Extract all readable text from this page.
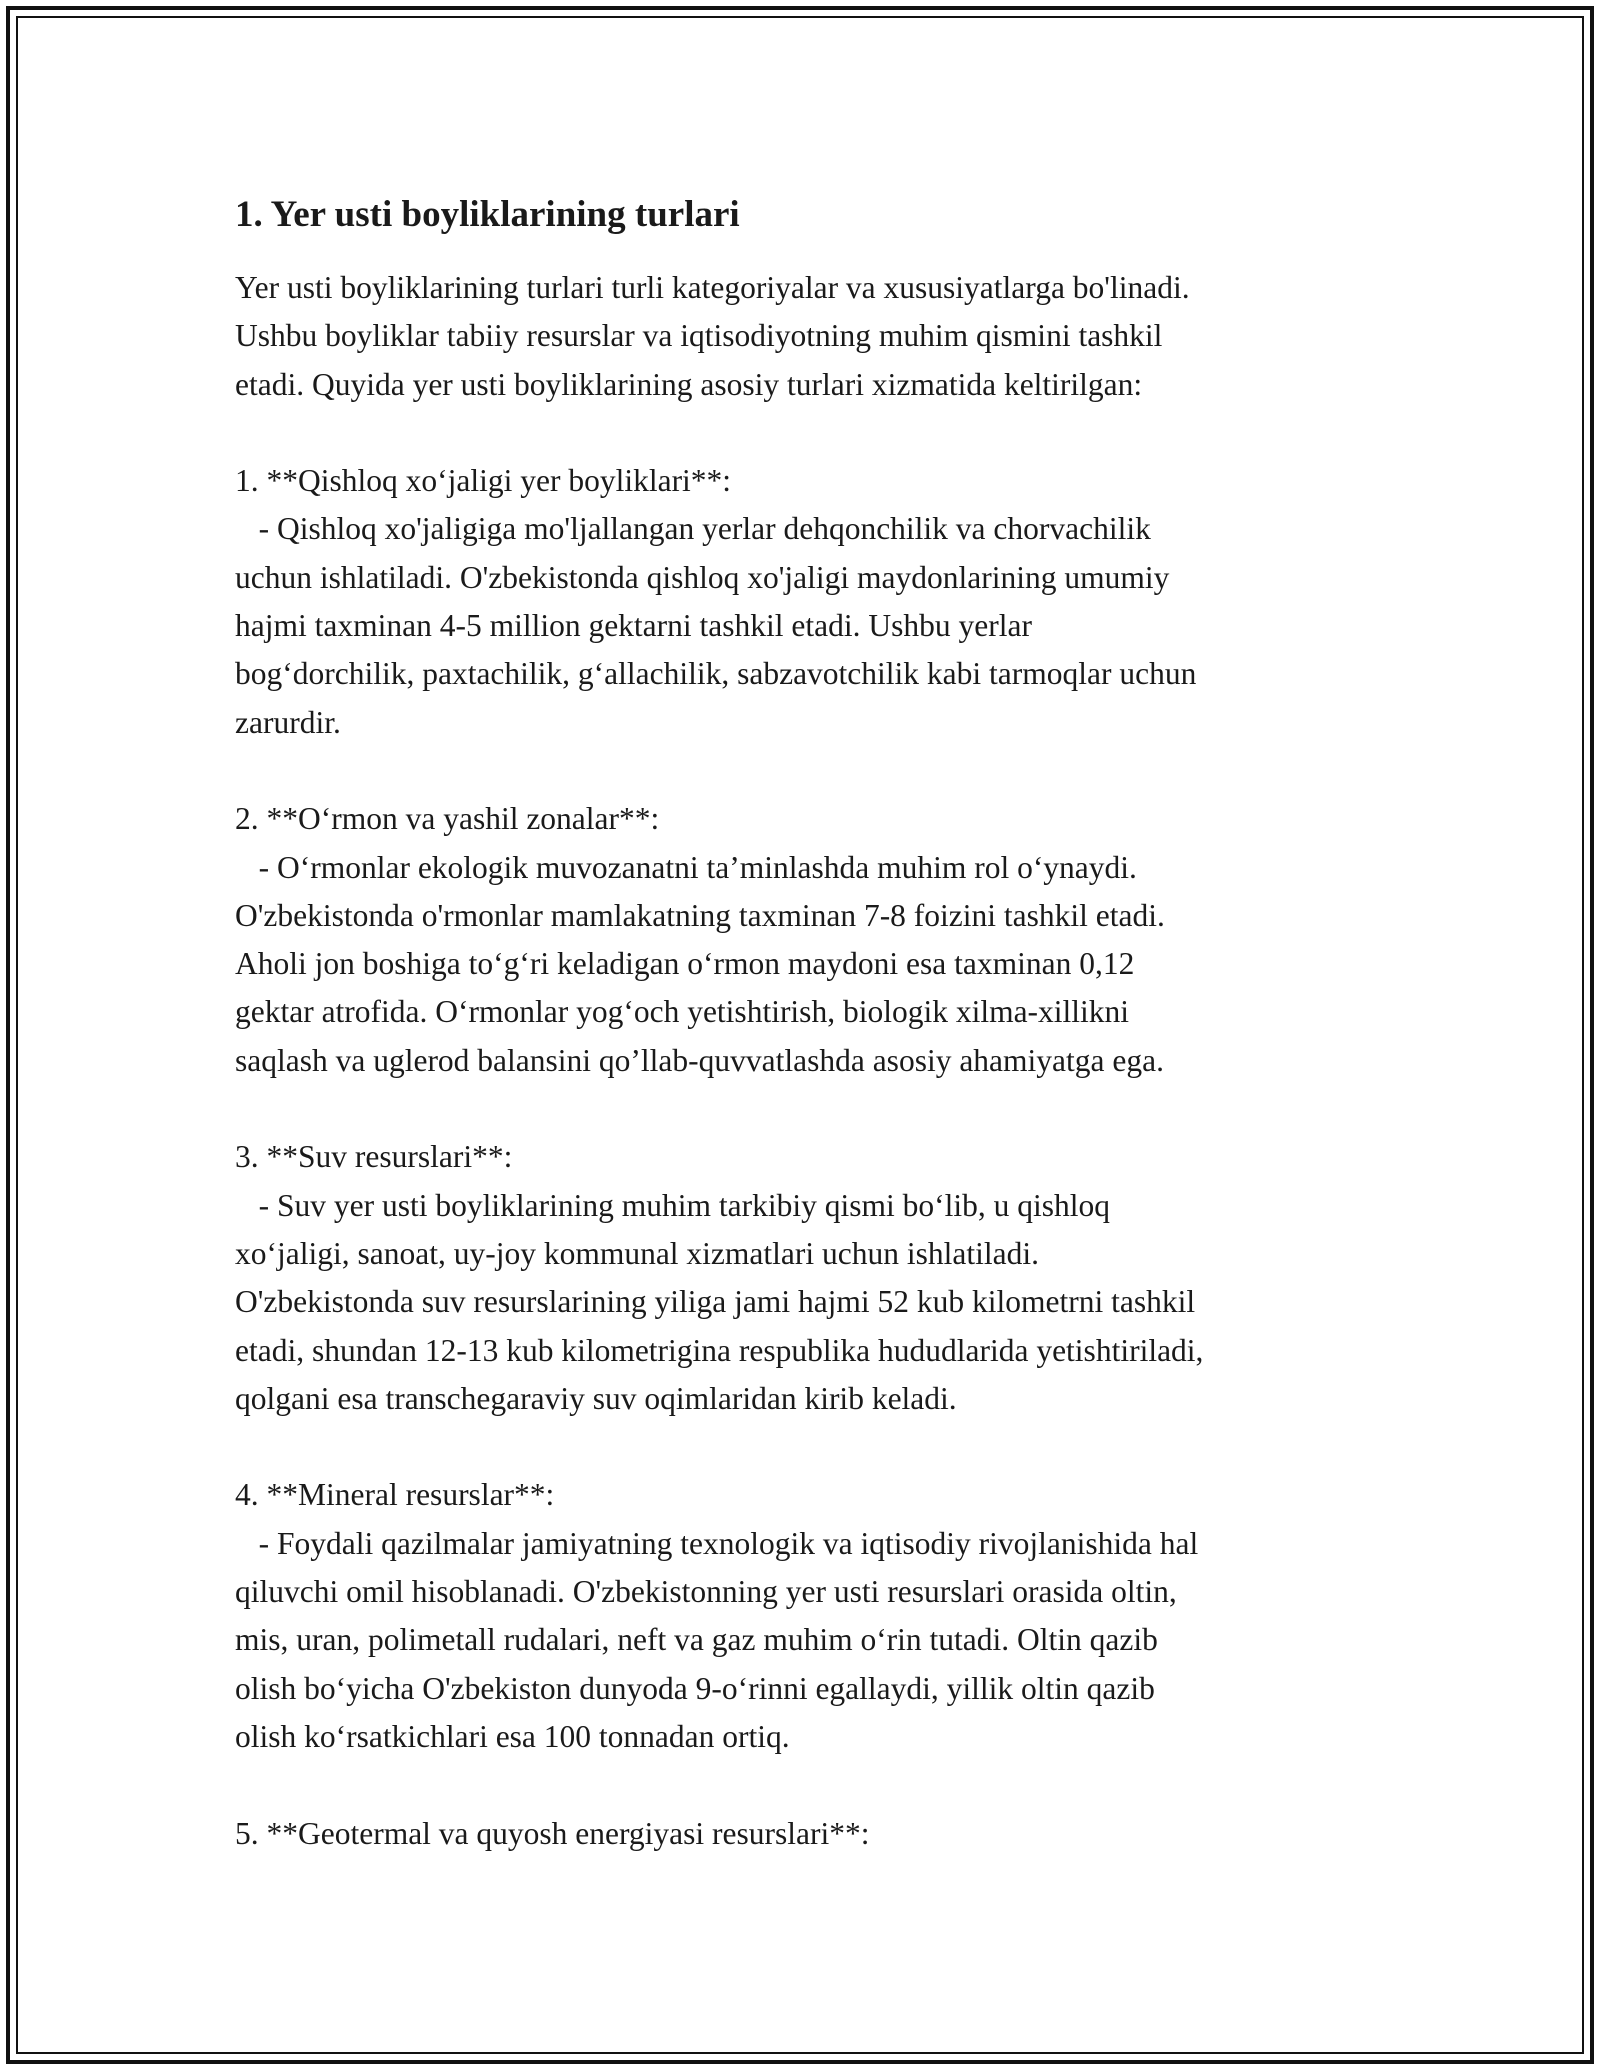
1. Yer usti boyliklarining turlari

Yer usti boyliklarining turlari turli kategoriyalar va xususiyatlarga bo'linadi.

Ushbu boyliklar tabiiy resurslar va iqtisodiyotning muhim qismini tashkil

etadi. Quyida yer usti boyliklarining asosiy turlari xizmatida keltirilgan:

1. **Qishloq xo‘jaligi yer boyliklari**:

- Qishloq xo'jaligiga mo'ljallangan yerlar dehqonchilik va chorvachilik

uchun ishlatiladi. O'zbekistonda qishloq xo'jaligi maydonlarining umumiy

hajmi taxminan 4-5 million gektarni tashkil etadi. Ushbu yerlar

bog‘dorchilik, paxtachilik, g‘allachilik, sabzavotchilik kabi tarmoqlar uchun

zarurdir.

2. **O‘rmon va yashil zonalar**:

- O‘rmonlar ekologik muvozanatni ta’minlashda muhim rol o‘ynaydi.

O'zbekistonda o'rmonlar mamlakatning taxminan 7-8 foizini tashkil etadi.

Aholi jon boshiga to‘g‘ri keladigan o‘rmon maydoni esa taxminan 0,12

gektar atrofida. O‘rmonlar yog‘och yetishtirish, biologik xilma-xillikni

saqlash va uglerod balansini qo’llab-quvvatlashda asosiy ahamiyatga ega.

3. **Suv resurslari**:

- Suv yer usti boyliklarining muhim tarkibiy qismi bo‘lib, u qishloq

xo‘jaligi, sanoat, uy-joy kommunal xizmatlari uchun ishlatiladi.

O'zbekistonda suv resurslarining yiliga jami hajmi 52 kub kilometrni tashkil

etadi, shundan 12-13 kub kilometrigina respublika hududlarida yetishtiriladi,

qolgani esa transchegaraviy suv oqimlaridan kirib keladi.

4. **Mineral resurslar**:

- Foydali qazilmalar jamiyatning texnologik va iqtisodiy rivojlanishida hal

qiluvchi omil hisoblanadi. O'zbekistonning yer usti resurslari orasida oltin,

mis, uran, polimetall rudalari, neft va gaz muhim o‘rin tutadi. Oltin qazib

olish bo‘yicha O'zbekiston dunyoda 9-o‘rinni egallaydi, yillik oltin qazib

olish ko‘rsatkichlari esa 100 tonnadan ortiq.

5. **Geotermal va quyosh energiyasi resurslari**:
